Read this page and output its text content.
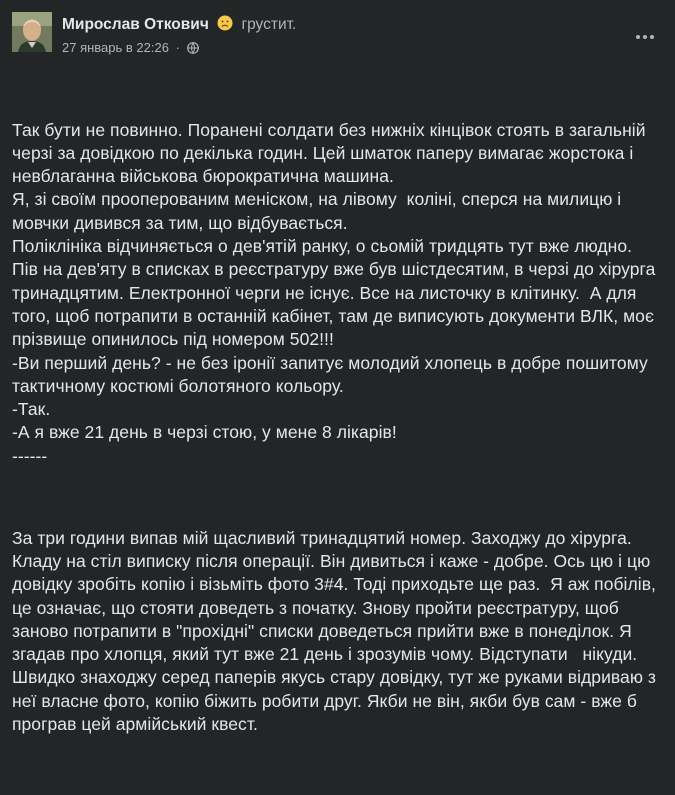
Мирослав Откович грустит.
27 январь в 22:26 ·

Так бути не повинно. Поранені солдати без нижніх кінцівок стоять в загальній черзі за довідкою по декілька годин. Цей шматок паперу вимагає жорстока і невблаганна військова бюрократична машина.
Я, зі своїм прооперованим меніском, на лівому  коліні, сперся на милицю і мовчки дивився за тим, що відбувається.
Поліклініка відчиняється о дев'ятій ранку, о сьомій тридцять тут вже людно.  Пів на дев'яту в списках в реєстратуру вже був шістдесятим, в черзі до хірурга тринадцятим. Електронної черги не існує. Все на листочку в клітинку.  А для того, щоб потрапити в останній кабінет, там де виписують документи ВЛК, моє прізвище опинилось під номером 502!!!
-Ви перший день? - не без іронії запитує молодий хлопець в добре пошитому  тактичному костюмі болотяного кольору.
-Так.
-А я вже 21 день в черзі стою, у мене 8 лікарів!
------

За три години випав мій щасливий тринадцятий номер. Заходжу до хірурга. Кладу на стіл виписку після операції. Він дивиться і каже - добре. Ось цю і цю довідку зробіть копію і візьміть фото 3#4. Тоді приходьте ще раз.  Я аж побілів, це означає, що стояти доведеть з початку. Знову пройти реєстратуру, щоб заново потрапити в "прохідні" списки доведеться прийти вже в понеділок. Я згадав про хлопця, який тут вже 21 день і зрозумів чому. Відступати   нікуди. Швидко знаходжу серед паперів якусь стару довідку, тут же руками відриваю з неї власне фото, копію біжить робити друг. Якби не він, якби був сам - вже б програв цей армійський квест.
